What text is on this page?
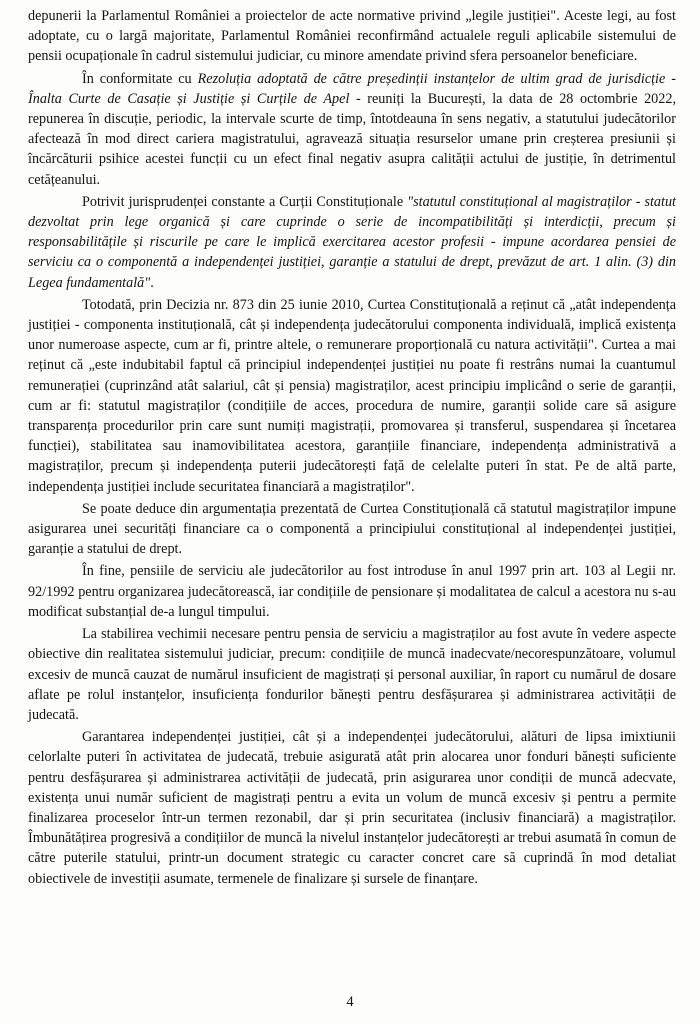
depunerii la Parlamentul României a proiectelor de acte normative privind „legile justiției". Aceste legi, au fost adoptate, cu o largă majoritate, Parlamentul României reconfirmând actualele reguli aplicabile sistemului de pensii ocupaționale în cadrul sistemului judiciar, cu minore amendate privind sfera persoanelor beneficiare.

În conformitate cu Rezoluția adoptată de către președinții instanțelor de ultim grad de jurisdicție - Înalta Curte de Casație și Justiție și Curțile de Apel - reuniți la București, la data de 28 octombrie 2022, repunerea în discuție, periodic, la intervale scurte de timp, întotdeauna în sens negativ, a statutului judecătorilor afectează în mod direct cariera magistratului, agravează situația resurselor umane prin creșterea presiunii și încărcăturii psihice acestei funcții cu un efect final negativ asupra calității actului de justiție, în detrimentul cetățeanului.

Potrivit jurisprudenței constante a Curții Constituționale "statutul constituțional al magistraților - statut dezvoltat prin lege organică și care cuprinde o serie de incompatibilități și interdicții, precum și responsabilitățile și riscurile pe care le implică exercitarea acestor profesii - impune acordarea pensiei de serviciu ca o componentă a independenței justiției, garanție a statului de drept, prevăzut de art. 1 alin. (3) din Legea fundamentală".

Totodată, prin Decizia nr. 873 din 25 iunie 2010, Curtea Constituțională a reținut că „atât independența justiției - componenta instituțională, cât și independența judecătorului componenta individuală, implică existența unor numeroase aspecte, cum ar fi, printre altele, o remunerare proporțională cu natura activității". Curtea a mai reținut că „este indubitabil faptul că principiul independenței justiției nu poate fi restrâns numai la cuantumul remunerației (cuprinzând atât salariul, cât și pensia) magistraților, acest principiu implicând o serie de garanții, cum ar fi: statutul magistraților (condițiile de acces, procedura de numire, garanții solide care să asigure transparența procedurilor prin care sunt numiți magistrații, promovarea și transferul, suspendarea și încetarea funcției), stabilitatea sau inamovibilitatea acestora, garanțiile financiare, independența administrativă a magistraților, precum și independența puterii judecătorești față de celelalte puteri în stat. Pe de altă parte, independența justiției include securitatea financiară a magistraților".

Se poate deduce din argumentația prezentată de Curtea Constituțională că statutul magistraților impune asigurarea unei securități financiare ca o componentă a principiului constituțional al independenței justiției, garanție a statului de drept.

În fine, pensiile de serviciu ale judecătorilor au fost introduse în anul 1997 prin art. 103 al Legii nr. 92/1992 pentru organizarea judecătorească, iar condițiile de pensionare și modalitatea de calcul a acestora nu s-au modificat substanțial de-a lungul timpului.

La stabilirea vechimii necesare pentru pensia de serviciu a magistraților au fost avute în vedere aspecte obiective din realitatea sistemului judiciar, precum: condițiile de muncă inadecvate/necorespunzătoare, volumul excesiv de muncă cauzat de numărul insuficient de magistrați și personal auxiliar, în raport cu numărul de dosare aflate pe rolul instanțelor, insuficiența fondurilor bănești pentru desfășurarea și administrarea activității de judecată.

Garantarea independenței justiției, cât și a independenței judecătorului, alături de lipsa imixtiunii celorlalte puteri în activitatea de judecată, trebuie asigurată atât prin alocarea unor fonduri bănești suficiente pentru desfășurarea și administrarea activității de judecată, prin asigurarea unor condiții de muncă adecvate, existența unui număr suficient de magistrați pentru a evita un volum de muncă excesiv și pentru a permite finalizarea proceselor într-un termen rezonabil, dar și prin securitatea (inclusiv financiară) a magistraților. Îmbunătățirea progresivă a condițiilor de muncă la nivelul instanțelor judecătorești ar trebui asumată în comun de către puterile statului, printr-un document strategic cu caracter concret care să cuprindă în mod detaliat obiectivele de investiții asumate, termenele de finalizare și sursele de finanțare.

4
